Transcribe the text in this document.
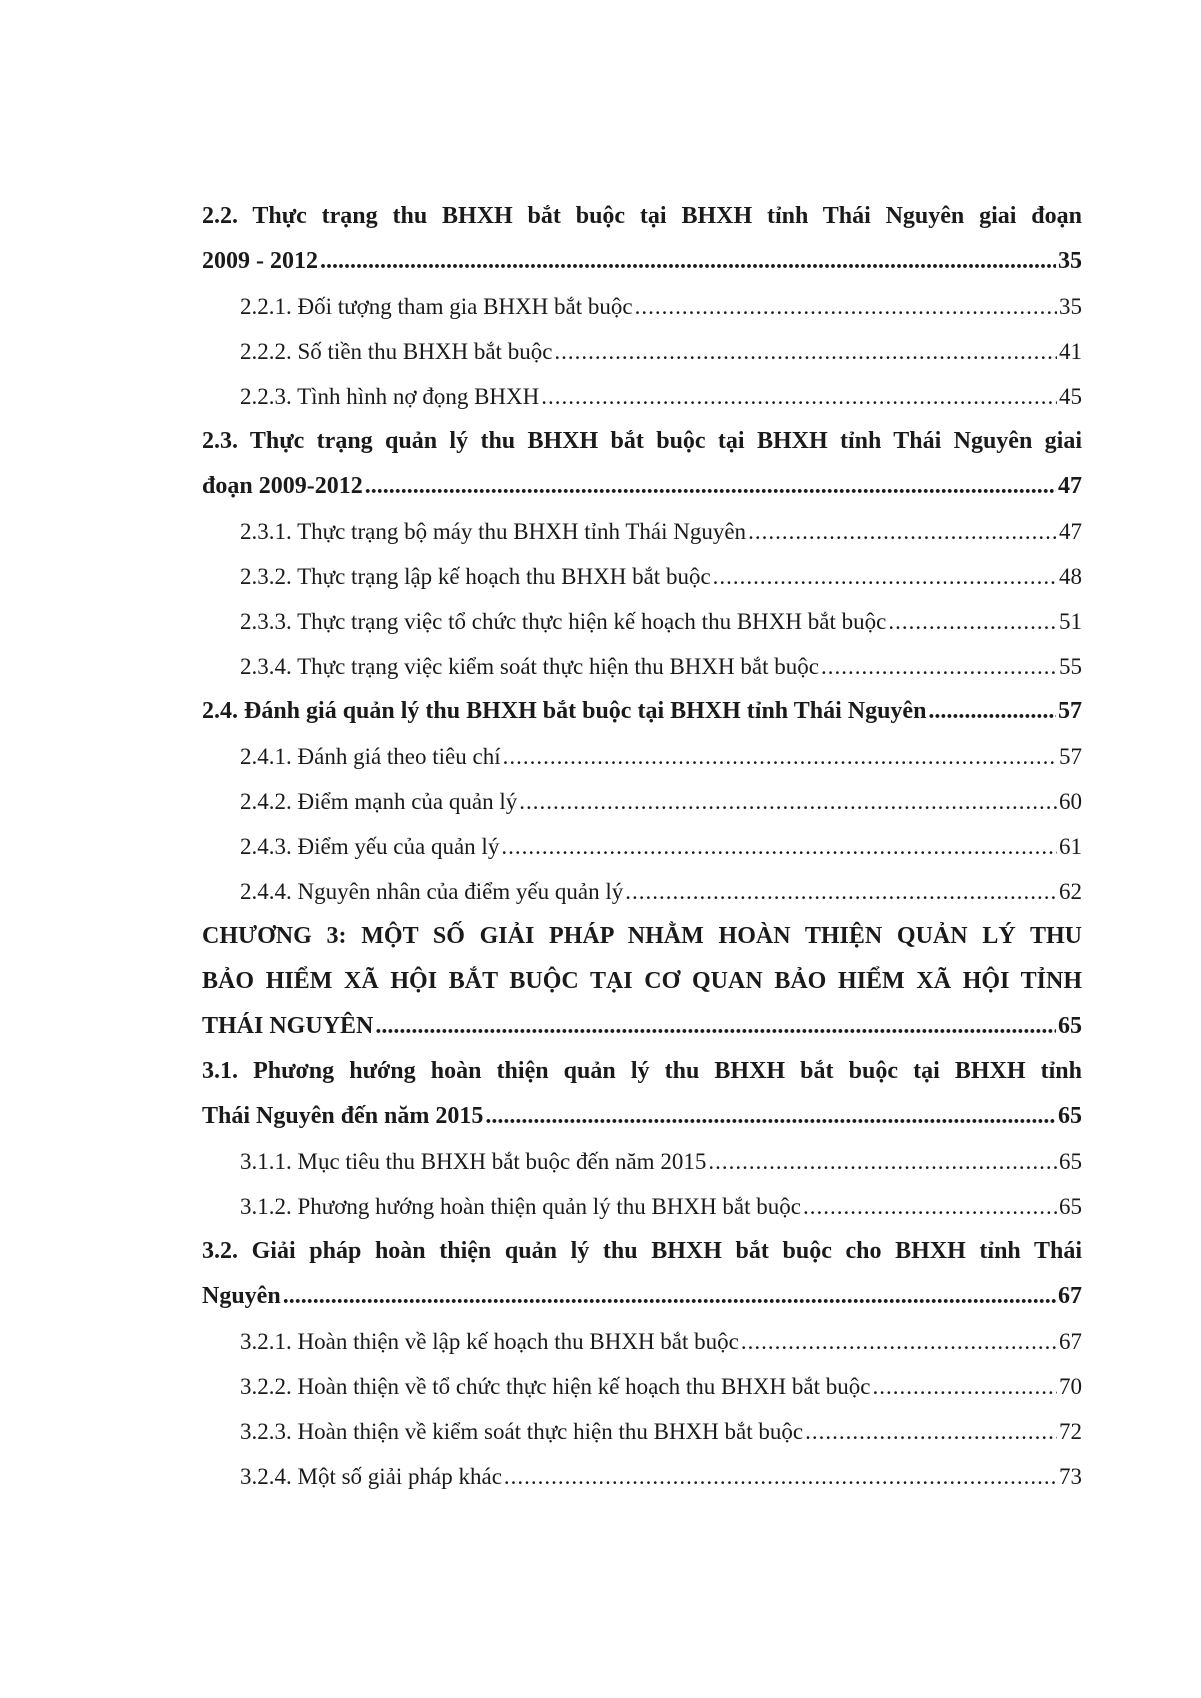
2.2. Thực trạng thu BHXH bắt buộc tại BHXH tỉnh Thái Nguyên giai đoạn
2009 - 2012 .....	35
2.2.1. Đối tượng tham gia BHXH bắt buộc .....	35
2.2.2. Số tiền thu BHXH bắt buộc .....	41
2.2.3. Tình hình nợ đọng BHXH .....	45
2.3. Thực trạng quản lý thu BHXH bắt buộc tại BHXH tỉnh Thái Nguyên giai
đoạn 2009-2012 .....	47
2.3.1. Thực trạng bộ máy thu BHXH tỉnh Thái Nguyên .....	47
2.3.2. Thực trạng lập kế hoạch thu BHXH bắt buộc .....	48
2.3.3. Thực trạng việc tổ chức thực hiện kế hoạch thu BHXH bắt buộc .....	51
2.3.4. Thực trạng việc kiểm soát thực hiện thu BHXH bắt buộc .....	55
2.4. Đánh giá quản lý thu BHXH bắt buộc tại BHXH tỉnh Thái Nguyên .....	57
2.4.1. Đánh giá theo tiêu chí .....	57
2.4.2. Điểm mạnh của quản lý .....	60
2.4.3. Điểm yếu của quản lý .....	61
2.4.4. Nguyên nhân của điểm yếu quản lý .....	62
CHƯƠNG 3: MỘT SỐ GIẢI PHÁP NHẰM HOÀN THIỆN QUẢN LÝ THU
BẢO HIỂM XÃ HỘI BẮT BUỘC TẠI CƠ QUAN BẢO HIỂM XÃ HỘI TỈNH
THÁI NGUYÊN .....	65
3.1. Phương hướng hoàn thiện quản lý thu BHXH bắt buộc tại BHXH tỉnh
Thái Nguyên đến năm 2015 .....	65
3.1.1. Mục tiêu thu BHXH bắt buộc đến năm 2015 .....	65
3.1.2. Phương hướng hoàn thiện quản lý thu BHXH bắt buộc .....	65
3.2. Giải pháp hoàn thiện quản lý thu BHXH bắt buộc cho BHXH tỉnh Thái
Nguyên .....	67
3.2.1. Hoàn thiện về lập kế hoạch thu BHXH bắt buộc .....	67
3.2.2. Hoàn thiện về tổ chức thực hiện kế hoạch thu BHXH bắt buộc .....	70
3.2.3. Hoàn thiện về kiểm soát thực hiện thu BHXH bắt buộc .....	72
3.2.4. Một số giải pháp khác .....	73
